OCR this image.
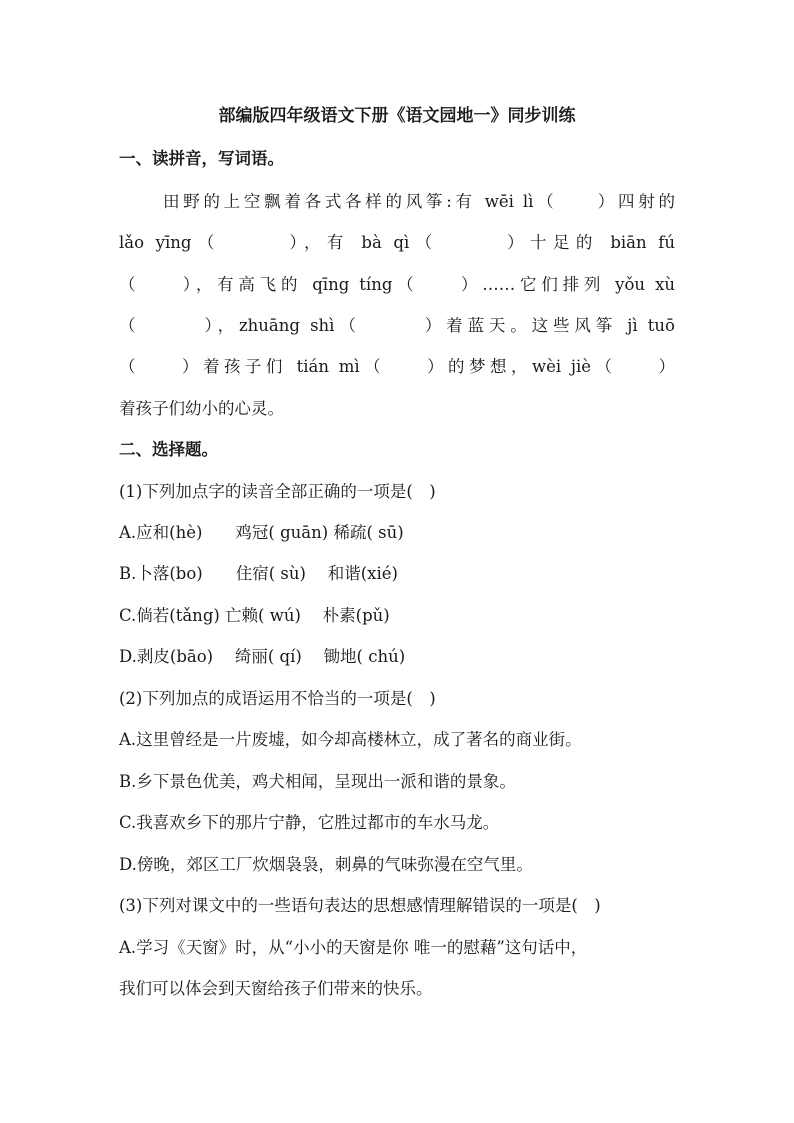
部编版四年级语文下册《语文园地一》同步训练
一、读拼音，写词语。
田野的上空飘着各式各样的风筝:有 wēi lì（　　）四射的
lǎo yīng（　　　），有 bà qì（　　　）十足的 biān fú
（　　），有高飞的 qīng tíng（　　）……它们排列 yǒu xù
（　　　），zhuāng shì（　　　）着蓝天。这些风筝 jì tuō
（　　）着孩子们 tián mì（　　）的梦想，wèi jiè（　　）
着孩子们幼小的心灵。
二、选择题。
(1)下列加点字的读音全部正确的一项是(　)
A.应和(hè)　　鸡冠( guān) 稀疏( sū)
B.卜落(bo)　　住宿( sù)　 和谐(xié)
C.倘若(tǎng) 亡赖( wú)　 朴素(pǔ)
D.剥皮(bāo)　 绮丽( qí)　 锄地( chú)
(2)下列加点的成语运用不恰当的一项是(　)
A.这里曾经是一片废墟，如今却高楼林立，成了著名的商业街。
B.乡下景色优美，鸡犬相闻，呈现出一派和谐的景象。
C.我喜欢乡下的那片宁静，它胜过都市的车水马龙。
D.傍晚，郊区工厂炊烟袅袅，刺鼻的气味弥漫在空气里。
(3)下列对课文中的一些语句表达的思想感情理解错误的一项是(　)
A.学习《天窗》时，从“小小的天窗是你 唯一的慰藉”这句话中，
我们可以体会到天窗给孩子们带来的快乐。
